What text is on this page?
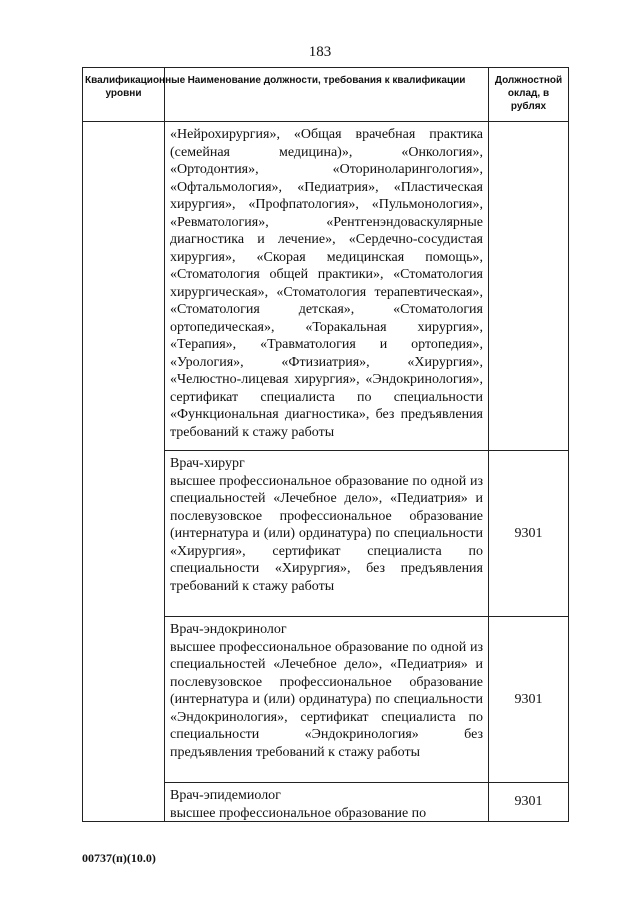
183
Квалификационные уровни	Наименование должности, требования к квалификации	Должностной оклад, в рублях

	«Нейрохирургия», «Общая врачебная практика (семейная медицина)», «Онкология», «Ортодонтия», «Оториноларингология», «Офтальмология», «Педиатрия», «Пластическая хирургия», «Профпатология», «Пульмонология», «Ревматология», «Рентгенэндоваскулярные диагностика и лечение», «Сердечно-сосудистая хирургия», «Скорая медицинская помощь», «Стоматология общей практики», «Стоматология хирургическая», «Стоматология терапевтическая», «Стоматология детская», «Стоматология ортопедическая», «Торакальная хирургия», «Терапия», «Травматология и ортопедия», «Урология», «Фтизиатрия», «Хирургия», «Челюстно-лицевая хирургия», «Эндокринология», сертификат специалиста по специальности «Функциональная диагностика», без предъявления требований к стажу работы	

	Врач-хирург
высшее профессиональное образование по одной из специальностей «Лечебное дело», «Педиатрия» и послевузовское профессиональное образование (интернатура и (или) ординатура) по специальности «Хирургия», сертификат специалиста по специальности «Хирургия», без предъявления требований к стажу работы	9301

	Врач-эндокринолог
высшее профессиональное образование по одной из специальностей «Лечебное дело», «Педиатрия» и послевузовское профессиональное образование (интернатура и (или) ординатура) по специальности «Эндокринология», сертификат специалиста по специальности «Эндокринология» без предъявления требований к стажу работы	9301

	Врач-эпидемиолог
высшее профессиональное образование по	9301
00737(п)(10.0)
